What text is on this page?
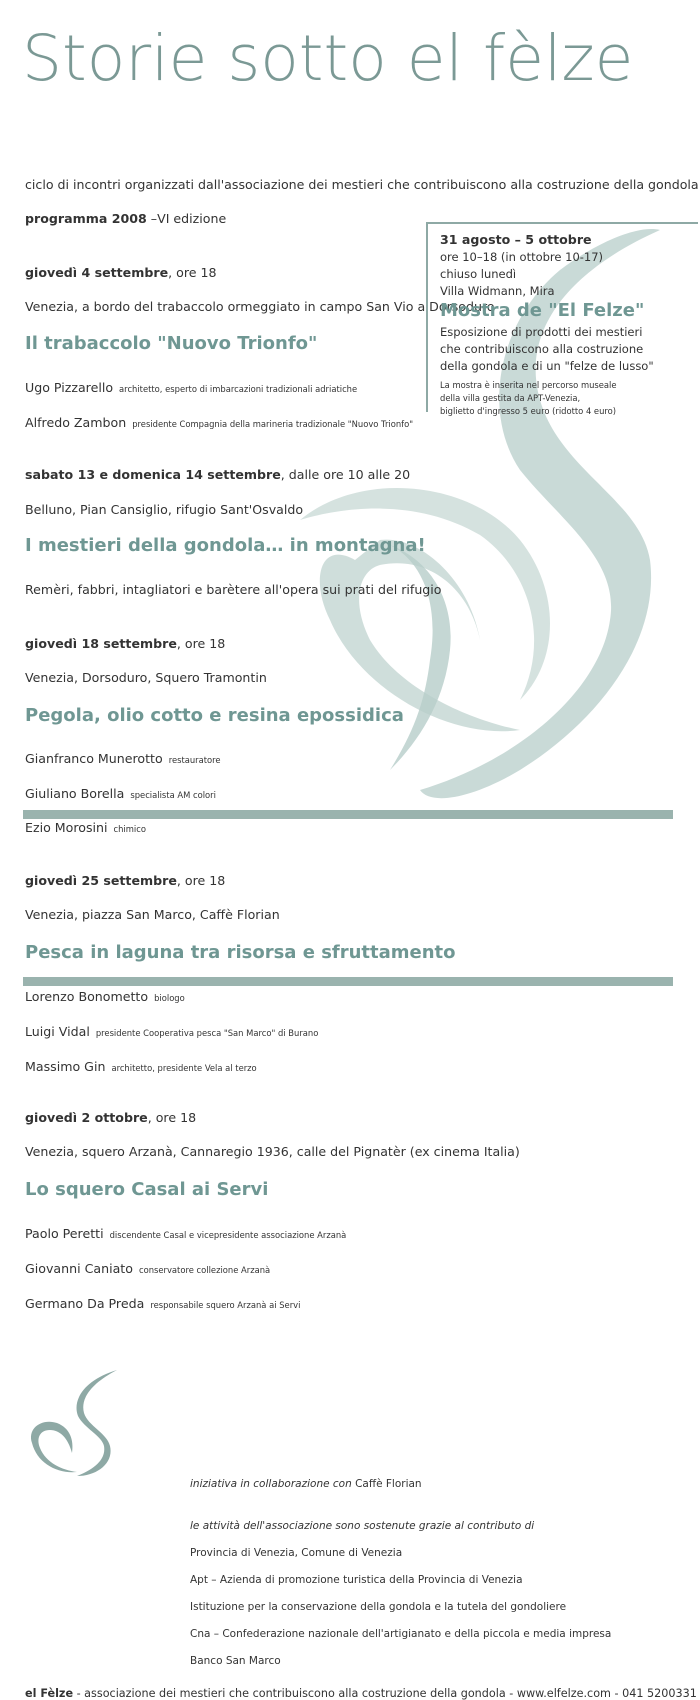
Storie sotto el fèlze
ciclo di incontri organizzati dall'associazione dei mestieri che contribuiscono alla costruzione della gondola
programma 2008 –VI edizione
giovedì 4 settembre, ore 18
Venezia, a bordo del trabaccolo ormeggiato in campo San Vio a Dorsoduro
Il trabaccolo "Nuovo Trionfo"
Ugo Pizzarello architetto, esperto di imbarcazioni tradizionali adriatiche
Alfredo Zambon presidente Compagnia della marineria tradizionale "Nuovo Trionfo"
sabato 13 e domenica 14 settembre, dalle ore 10 alle 20
Belluno, Pian Cansiglio, rifugio Sant'Osvaldo
I mestieri della gondola… in montagna!
Remèri, fabbri, intagliatori e barètere all'opera sui prati del rifugio
giovedì 18 settembre, ore 18
Venezia, Dorsoduro, Squero Tramontin
Pegola, olio cotto e resina epossidica
Gianfranco Munerotto restauratore
Giuliano Borella specialista AM colori
Ezio Morosini chimico
giovedì 25 settembre, ore 18
Venezia, piazza San Marco, Caffè Florian
Pesca in laguna tra risorsa e sfruttamento
Lorenzo Bonometto biologo
Luigi Vidal presidente Cooperativa pesca "San Marco" di Burano
Massimo Gin architetto, presidente Vela al terzo
giovedì 2 ottobre, ore 18
Venezia, squero Arzanà, Cannaregio 1936, calle del Pignatèr (ex cinema Italia)
Lo squero Casal ai Servi
Paolo Peretti discendente Casal e vicepresidente associazione Arzanà
Giovanni Caniato conservatore collezione Arzanà
Germano Da Preda responsabile squero Arzanà ai Servi
31 agosto – 5 ottobre
ore 10–18 (in ottobre 10-17)
chiuso lunedì
Villa Widmann, Mira
Mostra de "El Felze"
Esposizione di prodotti dei mestieri
che contribuiscono alla costruzione
della gondola e di un "felze de lusso"
La mostra è inserita nel percorso museale
della villa gestita da APT-Venezia,
biglietto d'ingresso 5 euro (ridotto 4 euro)
iniziativa in collaborazione con Caffè Florian
le attività dell'associazione sono sostenute grazie al contributo di
Provincia di Venezia, Comune di Venezia
Apt – Azienda di promozione turistica della Provincia di Venezia
Istituzione per la conservazione della gondola e la tutela del gondoliere
Cna – Confederazione nazionale dell'artigianato e della piccola e media impresa
Banco San Marco
el Fèlze - associazione dei mestieri che contribuiscono alla costruzione della gondola - www.elfelze.com - 041 5200331
